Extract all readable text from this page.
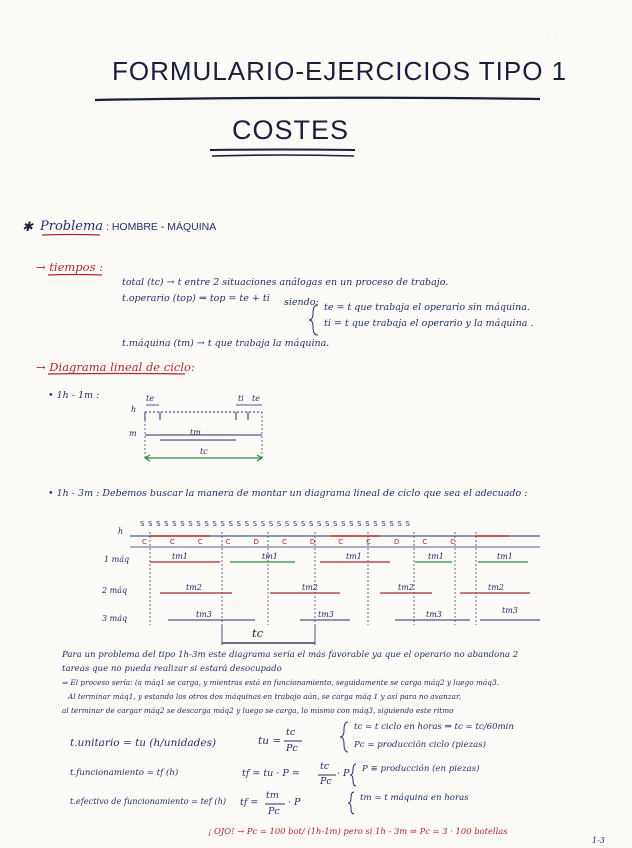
- - - -
FORMULARIO-EJERCICIOS TIPO 1
COSTES
✱ Problema : HOMBRE - MÁQUINA
→ tiempos :
total (tc) → t entre 2 situaciones análogas en un proceso de trabajo.
t.operario (top) ⇒ top = te + ti siendo: te = t que trabaja el operario sin máquina.
ti = t que trabaja el operario y la máquina .
t.máquina (tm) → t que trabaja la máquina.
→ Diagrama lineal de ciclo:
• 1h - 1m :
h
m
te	ti te
tm
tc
• 1h - 3m : Debemos buscar la manera de montar un diagrama lineal de ciclo que sea el adecuado :
h
SSSSSSSSSSSSSSSSSSSSSSSSSSSSSSSSSS
CCCCDCDCCDCC
1 máq
2 máq
3 máq
tm1	tm1	tm1	tm1	tm1
tm2	tm2	tm2	tm2
tm3	tm3	tm3	tm3
tc
Para un problema del tipo 1h-3m este diagrama sería el más favorable ya que el operario no abandona 2
tareas que no pueda realizar si estará desocupado
⇒ El proceso sería: (a máq1 se carga, y mientras está en funcionamiento, seguidamente se carga máq2 y luego máq3.
Al terminar máq1, y estando los otros dos máquinas en trabajo aún, se carga máq 1 y así para no avanzar,
al terminar de cargar máq2 se descarga máq2 y luego se carga, lo mismo con máq3, siguiendo este ritmo
t.unitario = tu (h/unidades)	tu =
tc
Pc
tc = t ciclo en horas ⇒ tc = tc/60min
Pc = producción ciclo (piezas)
t.funcionamiento = tf (h)	tf = tu · P =
tc
Pc
· P P ≡ producción (en piezas)
t.efectivo de funcionamiento = tef (h) tf =
tm
Pc
· P	tm = t máquina en horas
¡ OJO! → Pc = 100 bot/ (1h-1m) pero si 1h - 3m ⇒ Pc = 3 · 100 botellas
1-3
